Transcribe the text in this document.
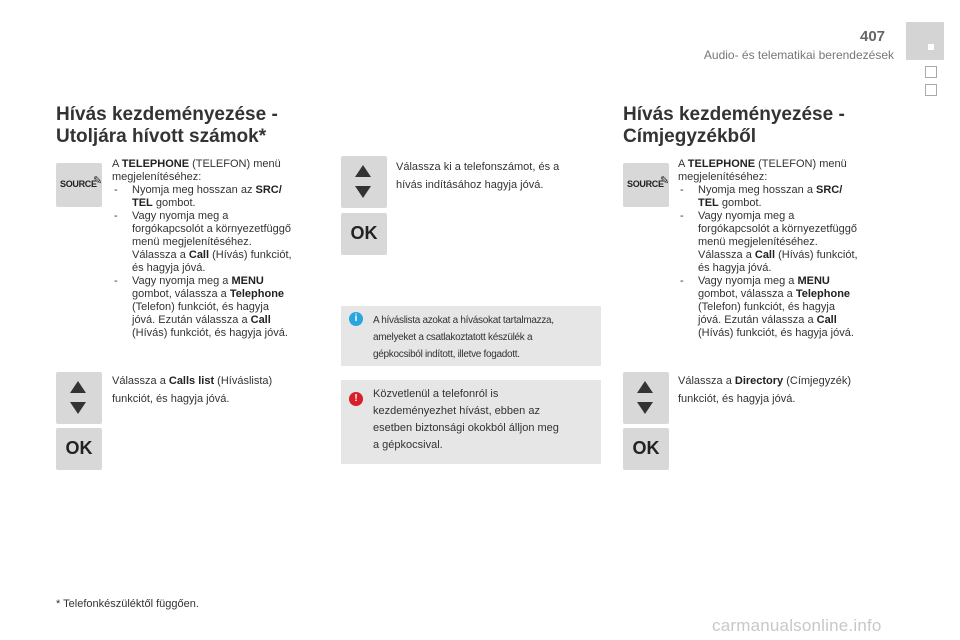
407
Audio- és telematikai berendezések
Hívás kezdeményezése -
Utoljára hívott számok*
SOURCE
✎
A TELEPHONE (TELEFON) menü
megjelenítéséhez:
- Nyomja meg hosszan az SRC/
TEL gombot.
- Vagy nyomja meg a
forgókapcsolót a környezetfüggő
menü megjelenítéséhez.
Válassza a Call (Hívás) funkciót,
és hagyja jóvá.
- Vagy nyomja meg a MENU
gombot, válassza a Telephone
(Telefon) funkciót, és hagyja
jóvá. Ezután válassza a Call
(Hívás) funkciót, és hagyja jóvá.
Válassza a Calls list (Híváslista)
funkciót, és hagyja jóvá.
OK
Válassza ki a telefonszámot, és a
hívás indításához hagyja jóvá.
OK
i	A híváslista azokat a hívásokat tartalmazza,
amelyeket a csatlakoztatott készülék a
gépkocsiból indított, illetve fogadott.
!	Közvetlenül a telefonról is
kezdeményezhet hívást, ebben az
esetben biztonsági okokból álljon meg
a gépkocsival.
Hívás kezdeményezése -
Címjegyzékből
SOURCE
✎
A TELEPHONE (TELEFON) menü
megjelenítéséhez:
- Nyomja meg hosszan a SRC/
TEL gombot.
- Vagy nyomja meg a
forgókapcsolót a környezetfüggő
menü megjelenítéséhez.
Válassza a Call (Hívás) funkciót,
és hagyja jóvá.
- Vagy nyomja meg a MENU
gombot, válassza a Telephone
(Telefon) funkciót, és hagyja
jóvá. Ezután válassza a Call
(Hívás) funkciót, és hagyja jóvá.
Válassza a Directory (Címjegyzék)
funkciót, és hagyja jóvá.
OK
* Telefonkészüléktől függően.
carmanualsonline.info
